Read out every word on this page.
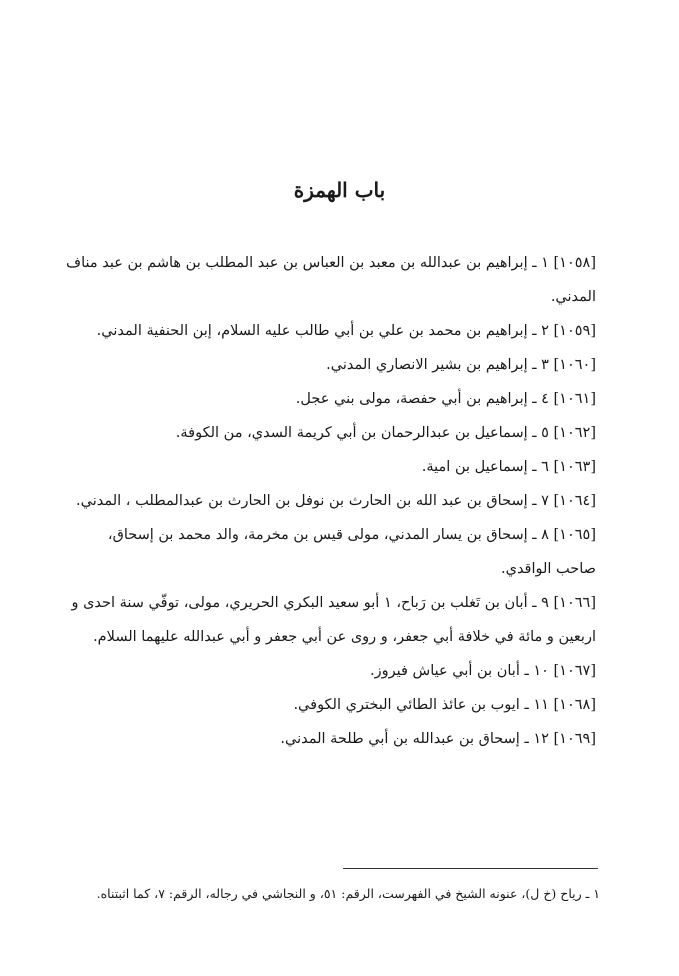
باب الهمزة

[١٠٥٨] ١ ـ إبراهيم بن عبدالله بن معبد بن العباس بن عبد المطلب بن هاشم بن عبد مناف المدني.

[١٠٥٩] ٢ ـ إبراهيم بن محمد بن علي بن أبي طالب عليه السلام، إبن الحنفية المدني.

[١٠٦٠] ٣ ـ إبراهيم بن بشير الانصاري المدني.

[١٠٦١] ٤ ـ إبراهيم بن أبي حفصة، مولى بني عجل.

[١٠٦٢] ٥ ـ إسماعيل بن عبدالرحمان بن أبي كريمة السدي، من الكوفة.

[١٠٦٣] ٦ ـ إسماعيل بن امية.

[١٠٦٤] ٧ ـ إسحاق بن عبد الله بن الحارث بن نوفل بن الحارث بن عبدالمطلب ، المدني.

[١٠٦٥] ٨ ـ إسحاق بن يسار المدني، مولى قيس بن مخرمة، والد محمد بن إسحاق، صاحب الواقدي.

[١٠٦٦] ٩ ـ أبان بن تَغلب بن رَباح، ١ أبو سعيد البكري الحريري، مولى، توفّي سنة احدى و اربعين و مائة في خلافة أبي جعفر، و روى عن أبي جعفر و أبي عبدالله عليهما السلام.

[١٠٦٧] ١٠ ـ أبان بن أبي عياش فيروز.

[١٠٦٨] ١١ ـ ايوب بن عائذ الطائي البختري الكوفي.

[١٠٦٩] ١٢ ـ إسحاق بن عبدالله بن أبي طلحة المدني.

١ ـ رياح (خ ل)، عنونه الشيخ في الفهرست، الرقم: ٥١، و النجاشي في رجاله، الرقم: ٧، كما اثبتناه.
